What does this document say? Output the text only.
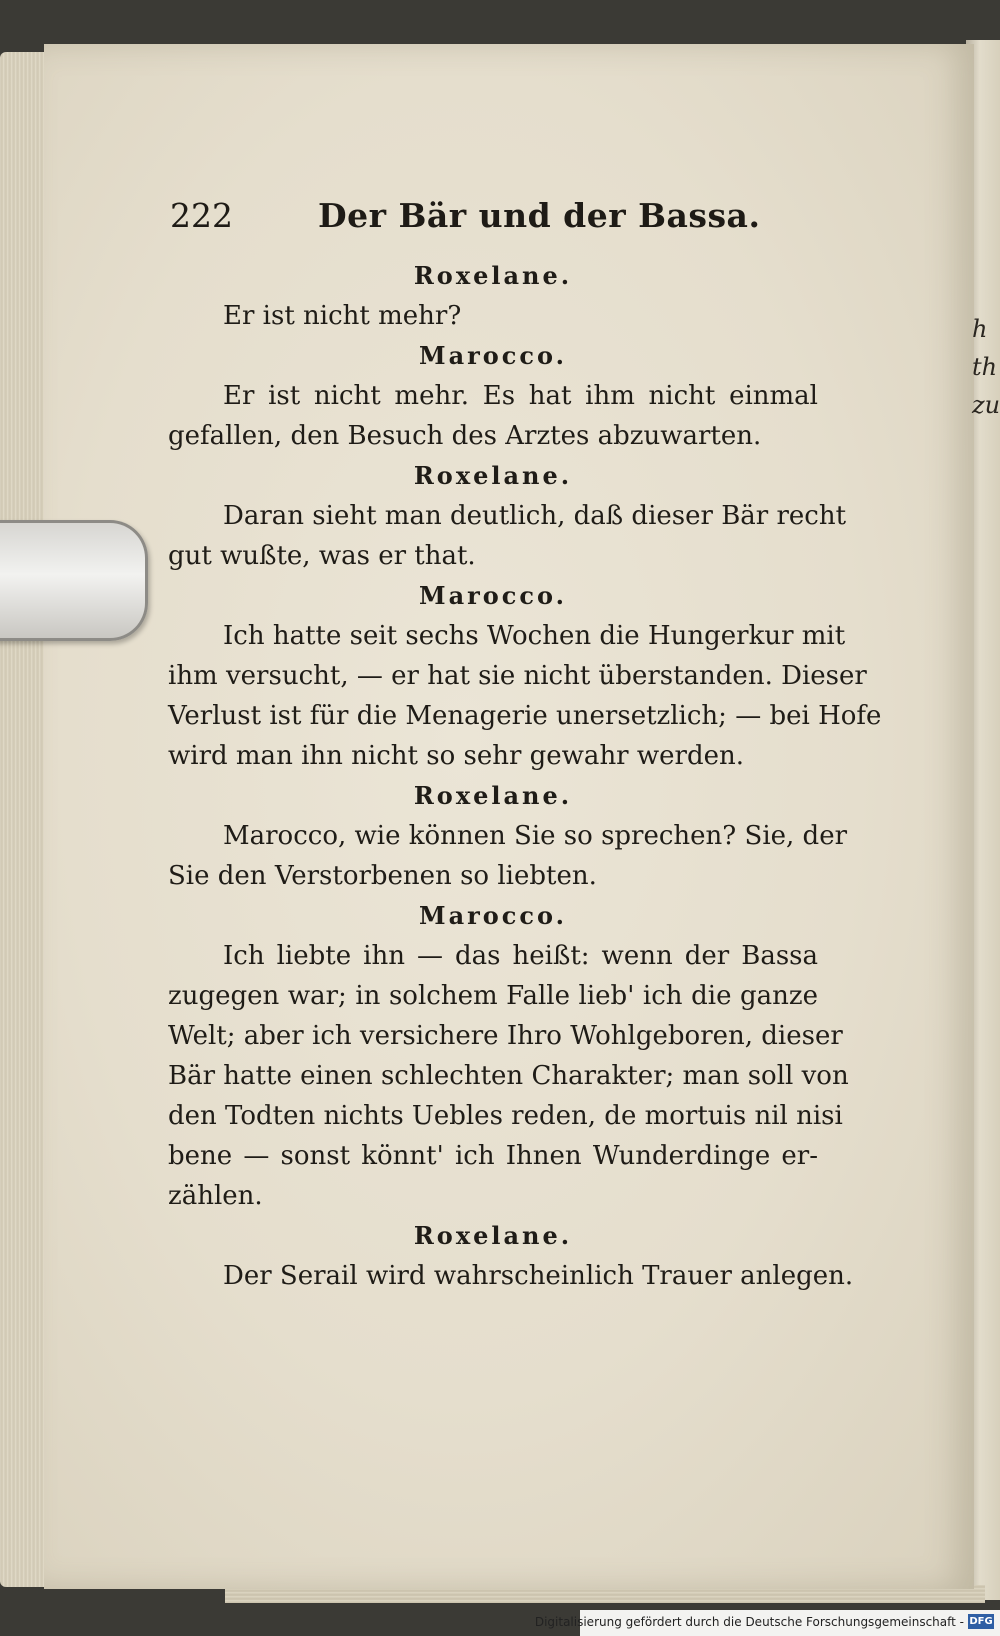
h
th
zu
222	Der Bär und der Bassa.
Roxelane.
Er ist nicht mehr?
Marocco.
Er ist nicht mehr. Es hat ihm nicht einmal
gefallen, den Besuch des Arztes abzuwarten.
Roxelane.
Daran sieht man deutlich, daß dieser Bär recht
gut wußte, was er that.
Marocco.
Ich hatte seit sechs Wochen die Hungerkur mit
ihm versucht, — er hat sie nicht überstanden. Dieser
Verlust ist für die Menagerie unersetzlich; — bei Hofe
wird man ihn nicht so sehr gewahr werden.
Roxelane.
Marocco, wie können Sie so sprechen? Sie, der
Sie den Verstorbenen so liebten.
Marocco.
Ich liebte ihn — das heißt: wenn der Bassa
zugegen war; in solchem Falle lieb' ich die ganze
Welt; aber ich versichere Ihro Wohlgeboren, dieser
Bär hatte einen schlechten Charakter; man soll von
den Todten nichts Uebles reden, de mortuis nil nisi
bene — sonst könnt' ich Ihnen Wunderdinge er-
zählen.
Roxelane.
Der Serail wird wahrscheinlich Trauer anlegen.
Digitalisierung gefördert durch die Deutsche Forschungsgemeinschaft - DFG
